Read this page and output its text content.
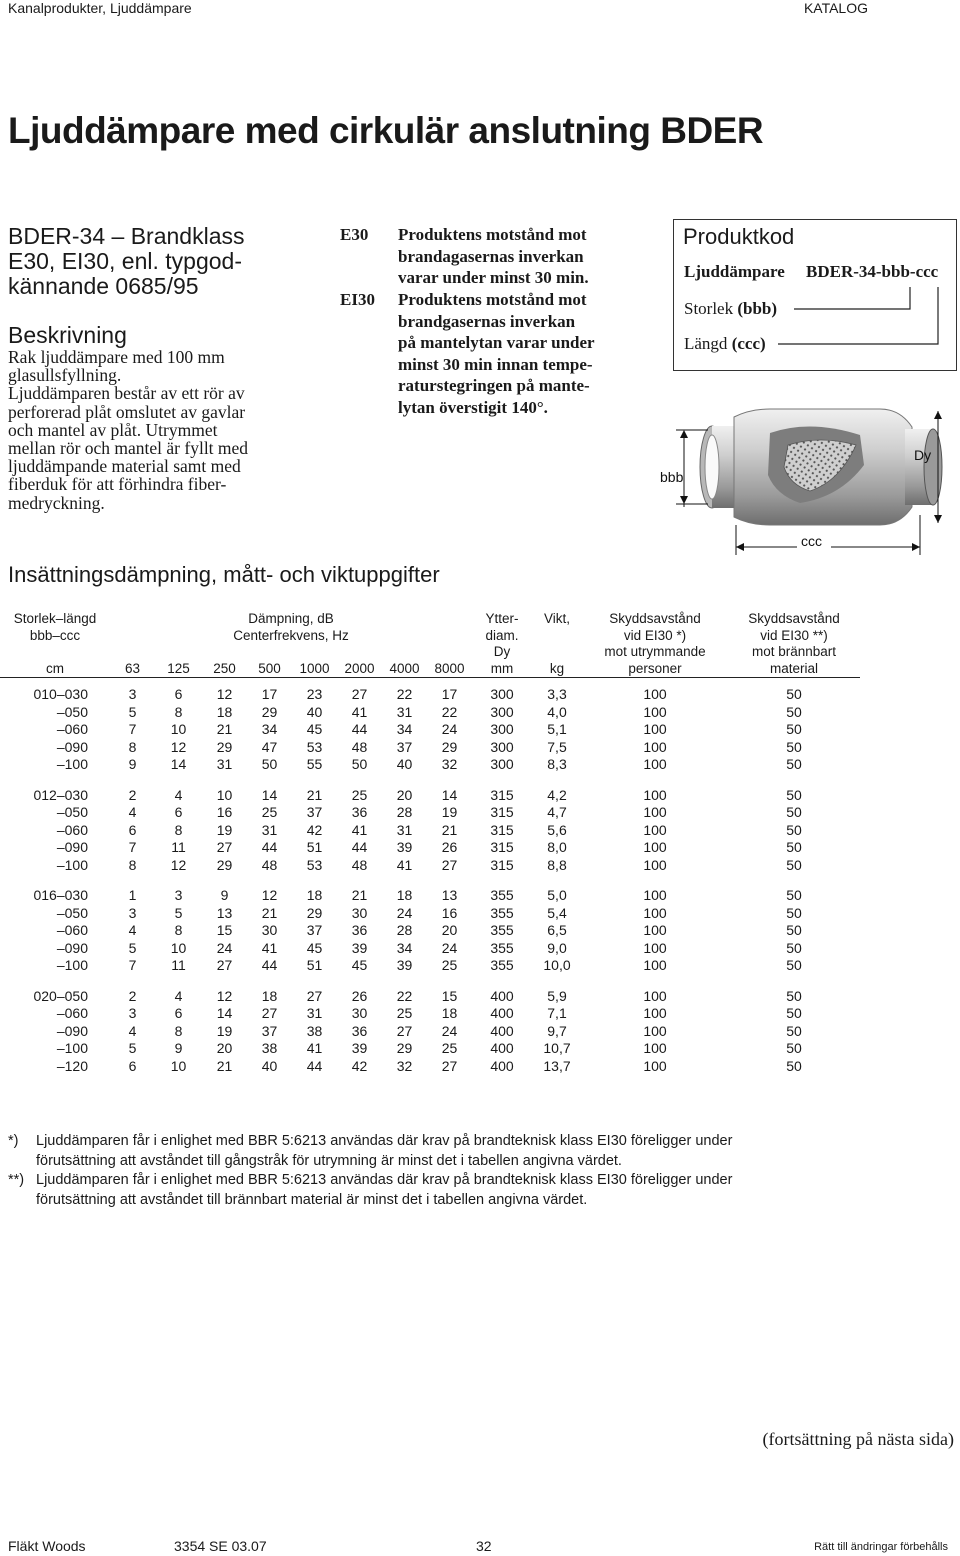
Kanalprodukter, Ljuddämpare	KATALOG
Ljuddämpare med cirkulär anslutning BDER
BDER-34 – Brandklass
E30, EI30, enl. typgod-
kännande 0685/95
Beskrivning
Rak ljuddämpare med 100 mm
glasullsfyllning.
Ljuddämparen består av ett rör av
perforerad plåt omslutet av gavlar
och mantel av plåt. Utrymmet
mellan rör och mantel är fyllt med
ljuddämpande material samt med
fiberduk för att förhindra fiber-
medryckning.
E30	Produktens motstånd mot
brandagasernas inverkan
varar under minst 30 min.
EI30	Produktens motstånd mot
brandgasernas inverkan
på mantelytan varar under
minst 30 min innan tempe-
raturstegringen på mante-
lytan överstigit 140°.
Produktkod
Ljuddämpare BDER-34-bbb-ccc
Storlek (bbb)
Längd (ccc)
bbb
Dy
ccc
Insättningsdämpning, mått- och viktuppgifter
Storlek–längd	Dämpning, dB								Ytter-	Vikt,	Skyddsavstånd	Skyddsavstånd
bbb–ccc	Centerfrekvens, Hz								diam.		vid EI30 *)	vid EI30 **)
									Dy		mot utrymmande	mot brännbart
cm	63	125	250	500	1000	2000	4000	8000	mm	kg	personer	material

010–030	3	6	12	17	23	27	22	17	300	3,3	100	50
–050	5	8	18	29	40	41	31	22	300	4,0	100	50
–060	7	10	21	34	45	44	34	24	300	5,1	100	50
–090	8	12	29	47	53	48	37	29	300	7,5	100	50
–100	9	14	31	50	55	50	40	32	300	8,3	100	50

012–030	2	4	10	14	21	25	20	14	315	4,2	100	50
–050	4	6	16	25	37	36	28	19	315	4,7	100	50
–060	6	8	19	31	42	41	31	21	315	5,6	100	50
–090	7	11	27	44	51	44	39	26	315	8,0	100	50
–100	8	12	29	48	53	48	41	27	315	8,8	100	50

016–030	1	3	9	12	18	21	18	13	355	5,0	100	50
–050	3	5	13	21	29	30	24	16	355	5,4	100	50
–060	4	8	15	30	37	36	28	20	355	6,5	100	50
–090	5	10	24	41	45	39	34	24	355	9,0	100	50
–100	7	11	27	44	51	45	39	25	355	10,0	100	50

020–050	2	4	12	18	27	26	22	15	400	5,9	100	50
–060	3	6	14	27	31	30	25	18	400	7,1	100	50
–090	4	8	19	37	38	36	27	24	400	9,7	100	50
–100	5	9	20	38	41	39	29	25	400	10,7	100	50
–120	6	10	21	40	44	42	32	27	400	13,7	100	50
*) Ljuddämparen får i enlighet med BBR 5:6213 användas där krav på brandteknisk klass EI30 föreligger under
förutsättning att avståndet till gångstråk för utrymning är minst det i tabellen angivna värdet.
**) Ljuddämparen får i enlighet med BBR 5:6213 användas där krav på brandteknisk klass EI30 föreligger under
förutsättning att avståndet till brännbart material är minst det i tabellen angivna värdet.
(fortsättning på nästa sida)
Fläkt Woods	3354 SE 03.07	32	Rätt till ändringar förbehålls
